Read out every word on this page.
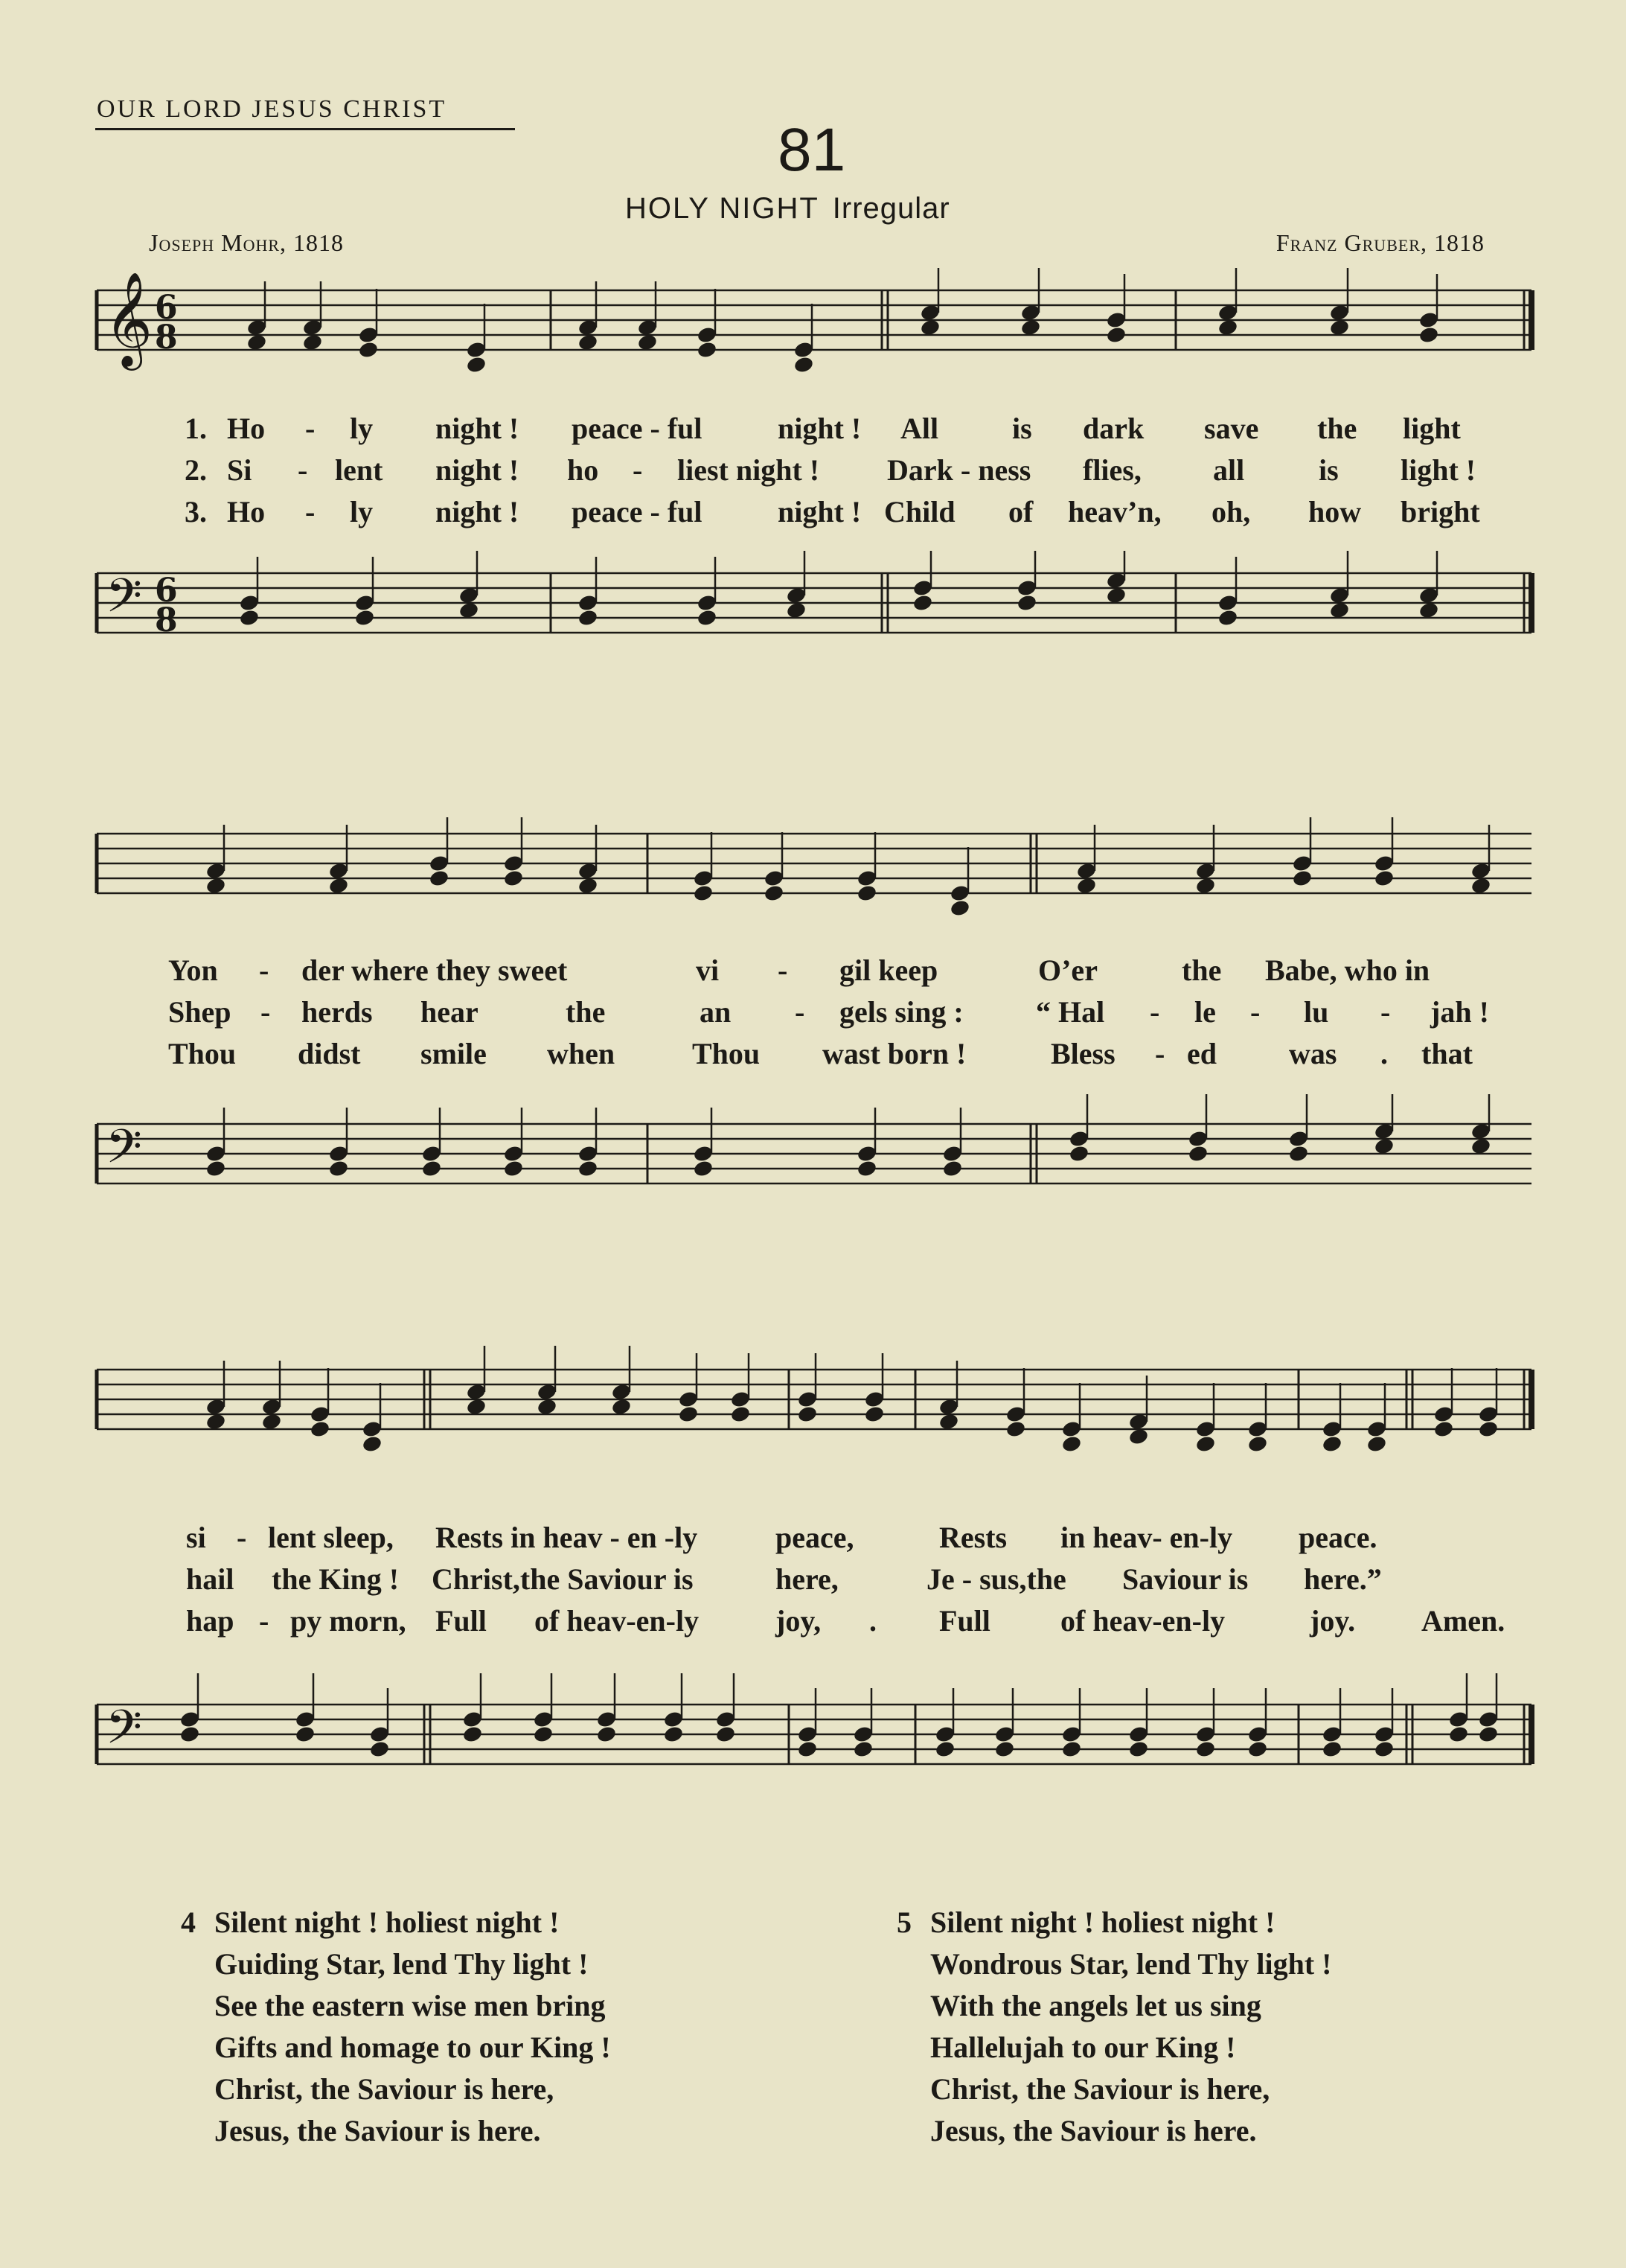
OUR LORD JESUS CHRIST
81
HOLY NIGHT Irregular
Joseph Mohr, 1818	Franz Gruber, 1818
𝄞 6
8
1. Ho - ly night ! peace - ful	night ! All is dark save the light
2. Si - lent night ! ho - liest night ! Dark - ness flies, all is light !
3. Ho - ly night ! peace - ful	night ! Child of heav’n, oh, how bright
𝄢 6
8
Yon - der where they sweet	vi - gil keep	O’er	the Babe, who in
Shep - herds hear	the	an - gels sing : “ Hal - le - lu - jah !
Thou didst smile when	Thou wast born !	Bless - ed was . that
𝄢
si - lent sleep, Rests in heav - en -ly	peace,	Rests in heav- en-ly peace.
hail the King ! Christ,the Saviour is	here,	Je - sus,the Saviour is here.”
hap - py morn, Full of heav-en-ly	joy, . Full of heav-en-ly	joy. Amen.
𝄢
4 Silent night ! holiest night !
Guiding Star, lend Thy light !
See the eastern wise men bring
Gifts and homage to our King !
Christ, the Saviour is here,
Jesus, the Saviour is here.
5 Silent night ! holiest night !
Wondrous Star, lend Thy light !
With the angels let us sing
Hallelujah to our King !
Christ, the Saviour is here,
Jesus, the Saviour is here.
